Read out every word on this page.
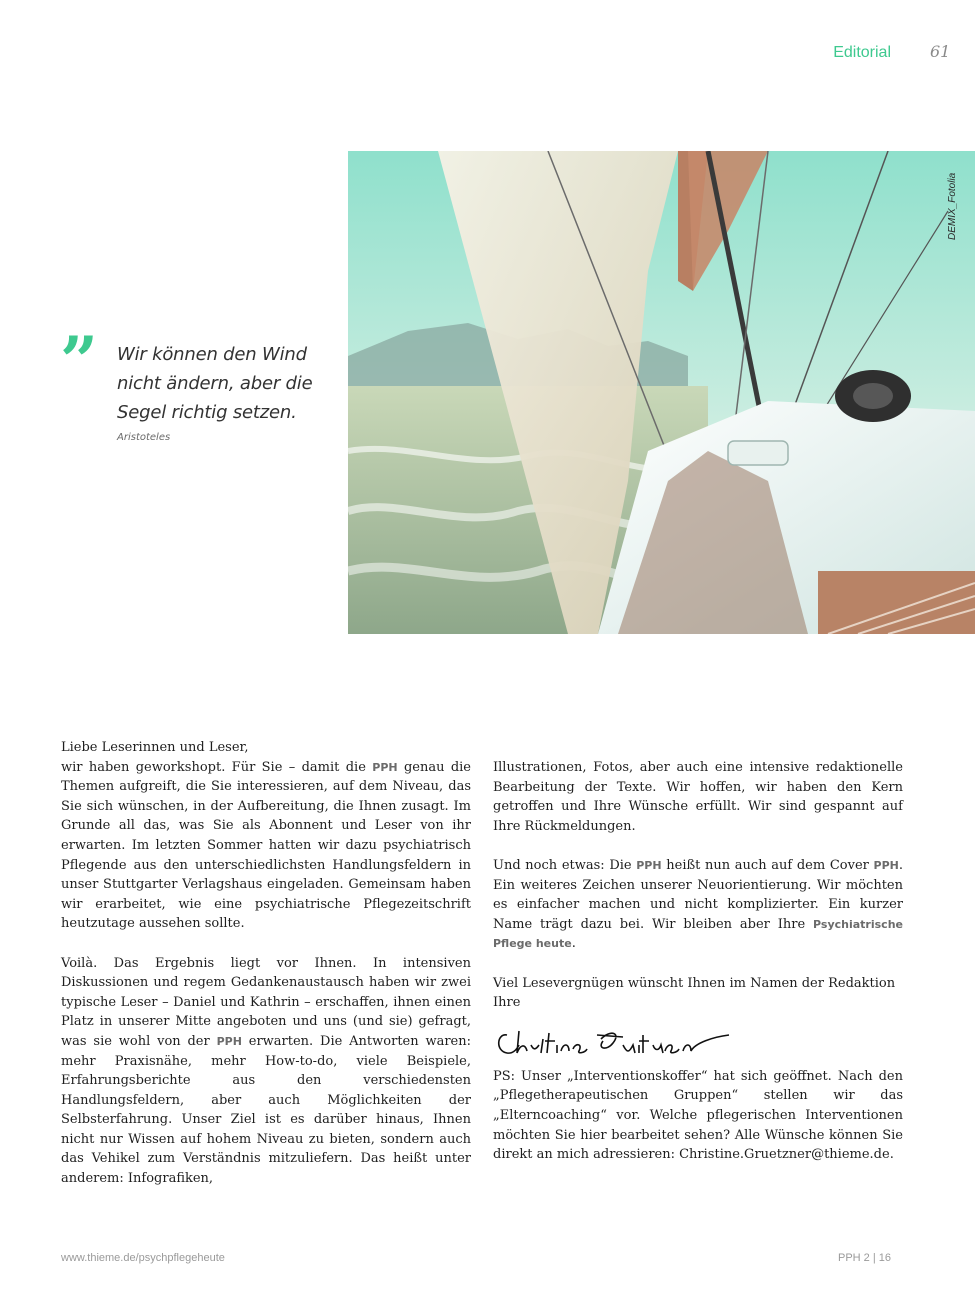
Editorial 61
DEMIX_Fotolia
” Wir können den Wind
nicht ändern, aber die
Segel richtig setzen.
Aristoteles

Liebe Leserinnen und Leser,

wir haben geworkshopt. Für Sie – damit die PPH genau die Themen aufgreift, die Sie interessieren, auf dem Niveau, das Sie sich wünschen, in der Aufbereitung, die Ihnen zusagt. Im Grunde all das, was Sie als Abonnent und Leser von ihr erwarten. Im letzten Sommer hatten wir dazu psychiatrisch Pflegende aus den unterschiedlichsten Handlungsfeldern in unser Stuttgarter Verlagshaus eingeladen. Gemeinsam haben wir erarbeitet, wie eine psychiatrische Pflegezeitschrift heutzutage aussehen sollte.

Voilà. Das Ergebnis liegt vor Ihnen. In intensiven Diskussionen und regem Gedankenaustausch haben wir zwei typische Leser – Daniel und Kathrin – erschaffen, ihnen einen Platz in unserer Mitte angeboten und uns (und sie) gefragt, was sie wohl von der PPH erwarten. Die Antworten waren: mehr Praxisnähe, mehr How-to-do, viele Beispiele, Erfahrungsberichte aus den verschiedensten Handlungsfeldern, aber auch Möglichkeiten der Selbsterfahrung. Unser Ziel ist es darüber hinaus, Ihnen nicht nur Wissen auf hohem Niveau zu bieten, sondern auch das Vehikel zum Verständnis mitzuliefern. Das heißt unter anderem: Infografiken,

Illustrationen, Fotos, aber auch eine intensive redaktionelle Bearbeitung der Texte. Wir hoffen, wir haben den Kern getroffen und Ihre Wünsche erfüllt. Wir sind gespannt auf Ihre Rückmeldungen.

Und noch etwas: Die PPH heißt nun auch auf dem Cover PPH. Ein weiteres Zeichen unserer Neuorientierung. Wir möchten es einfacher machen und nicht komplizierter. Ein kurzer Name trägt dazu bei. Wir bleiben aber Ihre Psychiatrische Pflege heute.

Viel Lesevergnügen wünscht Ihnen im Namen der Redaktion

Ihre

PS: Unser „Interventionskoffer“ hat sich geöffnet. Nach den „Pflegetherapeutischen Gruppen“ stellen wir das „Elterncoaching“ vor. Welche pflegerischen Interventionen möchten Sie hier bearbeitet sehen? Alle Wünsche können Sie direkt an mich adressieren: Christine.Gruetzner@thieme.de.

www.thieme.de/psychpflegeheute	PPH 2 | 16
